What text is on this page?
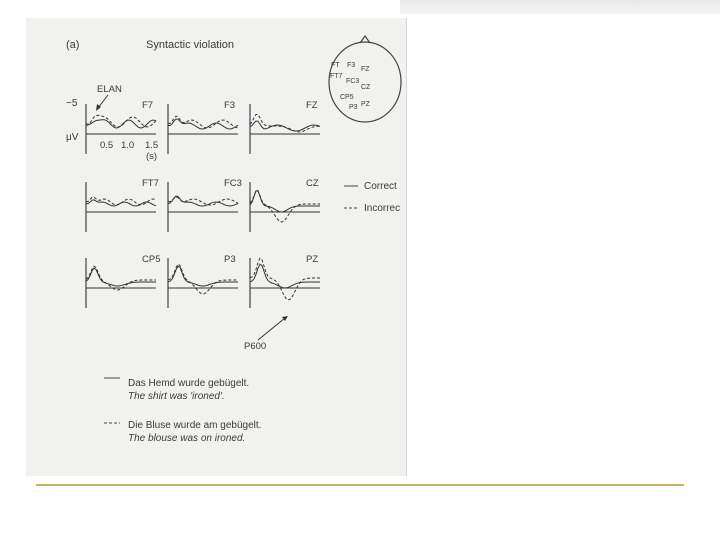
(a)	Syntactic violation
ELAN
−5
μV
0.5 1.0 1.5
(s)
F7	F3	FZ
FT7	FC3	CZ
CP5	P3	PZ
P600
FT F3
FZ
FT7
FC3
CZ
CP5
P3 PZ
Correct
Incorrec
Das Hemd wurde gebügelt.
The shirt was 'ironed'.
Die Bluse wurde am gebügelt.
The blouse was on ironed.
